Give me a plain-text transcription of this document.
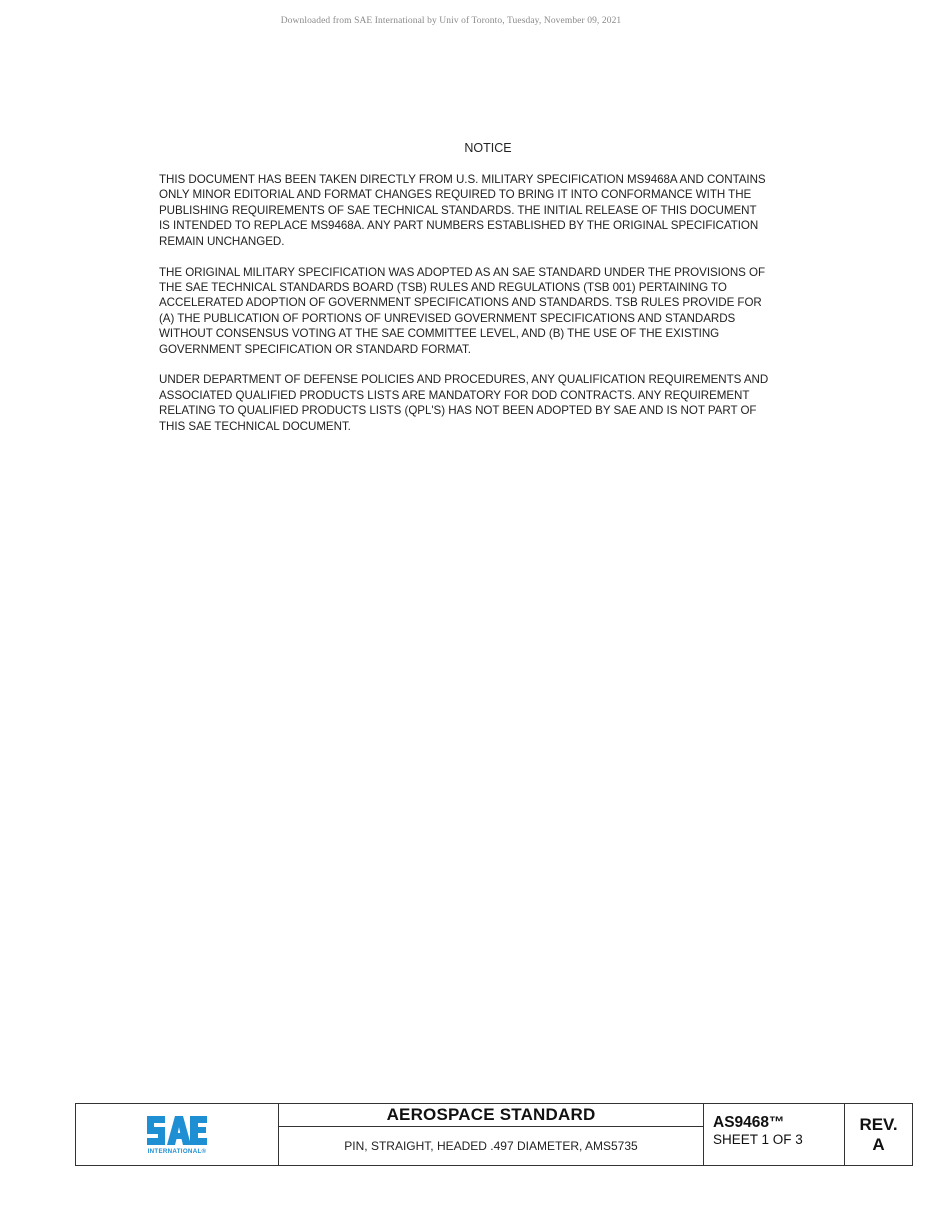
Downloaded from SAE International by Univ of Toronto, Tuesday, November 09, 2021
NOTICE

THIS DOCUMENT HAS BEEN TAKEN DIRECTLY FROM U.S. MILITARY SPECIFICATION MS9468A AND CONTAINS
ONLY MINOR EDITORIAL AND FORMAT CHANGES REQUIRED TO BRING IT INTO CONFORMANCE WITH THE
PUBLISHING REQUIREMENTS OF SAE TECHNICAL STANDARDS. THE INITIAL RELEASE OF THIS DOCUMENT
IS INTENDED TO REPLACE MS9468A. ANY PART NUMBERS ESTABLISHED BY THE ORIGINAL SPECIFICATION
REMAIN UNCHANGED.

THE ORIGINAL MILITARY SPECIFICATION WAS ADOPTED AS AN SAE STANDARD UNDER THE PROVISIONS OF
THE SAE TECHNICAL STANDARDS BOARD (TSB) RULES AND REGULATIONS (TSB 001) PERTAINING TO
ACCELERATED ADOPTION OF GOVERNMENT SPECIFICATIONS AND STANDARDS. TSB RULES PROVIDE FOR
(A) THE PUBLICATION OF PORTIONS OF UNREVISED GOVERNMENT SPECIFICATIONS AND STANDARDS
WITHOUT CONSENSUS VOTING AT THE SAE COMMITTEE LEVEL, AND (B) THE USE OF THE EXISTING
GOVERNMENT SPECIFICATION OR STANDARD FORMAT.

UNDER DEPARTMENT OF DEFENSE POLICIES AND PROCEDURES, ANY QUALIFICATION REQUIREMENTS AND
ASSOCIATED QUALIFIED PRODUCTS LISTS ARE MANDATORY FOR DOD CONTRACTS. ANY REQUIREMENT
RELATING TO QUALIFIED PRODUCTS LISTS (QPL'S) HAS NOT BEEN ADOPTED BY SAE AND IS NOT PART OF
THIS SAE TECHNICAL DOCUMENT.

INTERNATIONAL®
AEROSPACE STANDARD
PIN, STRAIGHT, HEADED .497 DIAMETER, AMS5735
AS9468™
SHEET 1 OF 3
REV.
A
